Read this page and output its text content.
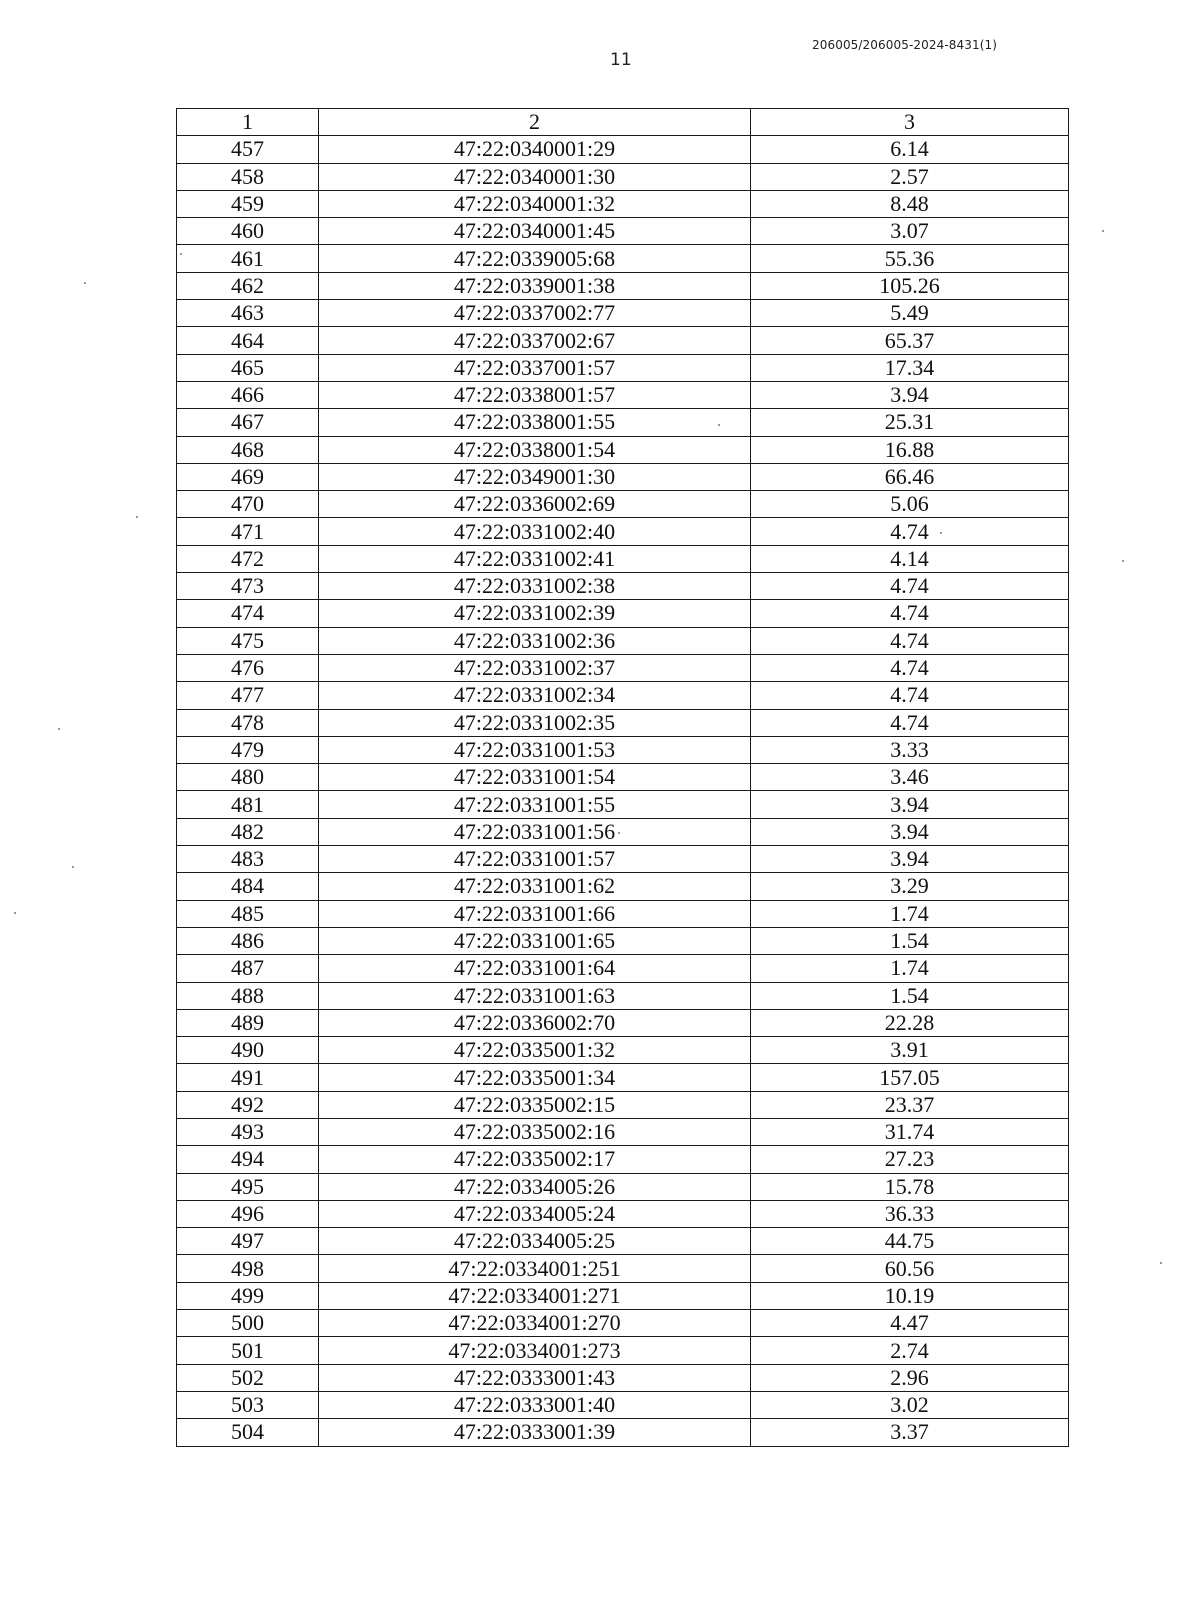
11
206005/206005-2024-8431(1)
1	2	3
457	47:22:0340001:29	6.14
458	47:22:0340001:30	2.57
459	47:22:0340001:32	8.48
460	47:22:0340001:45	3.07
461	47:22:0339005:68	55.36
462	47:22:0339001:38	105.26
463	47:22:0337002:77	5.49
464	47:22:0337002:67	65.37
465	47:22:0337001:57	17.34
466	47:22:0338001:57	3.94
467	47:22:0338001:55	25.31
468	47:22:0338001:54	16.88
469	47:22:0349001:30	66.46
470	47:22:0336002:69	5.06
471	47:22:0331002:40	4.74
472	47:22:0331002:41	4.14
473	47:22:0331002:38	4.74
474	47:22:0331002:39	4.74
475	47:22:0331002:36	4.74
476	47:22:0331002:37	4.74
477	47:22:0331002:34	4.74
478	47:22:0331002:35	4.74
479	47:22:0331001:53	3.33
480	47:22:0331001:54	3.46
481	47:22:0331001:55	3.94
482	47:22:0331001:56	3.94
483	47:22:0331001:57	3.94
484	47:22:0331001:62	3.29
485	47:22:0331001:66	1.74
486	47:22:0331001:65	1.54
487	47:22:0331001:64	1.74
488	47:22:0331001:63	1.54
489	47:22:0336002:70	22.28
490	47:22:0335001:32	3.91
491	47:22:0335001:34	157.05
492	47:22:0335002:15	23.37
493	47:22:0335002:16	31.74
494	47:22:0335002:17	27.23
495	47:22:0334005:26	15.78
496	47:22:0334005:24	36.33
497	47:22:0334005:25	44.75
498	47:22:0334001:251	60.56
499	47:22:0334001:271	10.19
500	47:22:0334001:270	4.47
501	47:22:0334001:273	2.74
502	47:22:0333001:43	2.96
503	47:22:0333001:40	3.02
504	47:22:0333001:39	3.37
